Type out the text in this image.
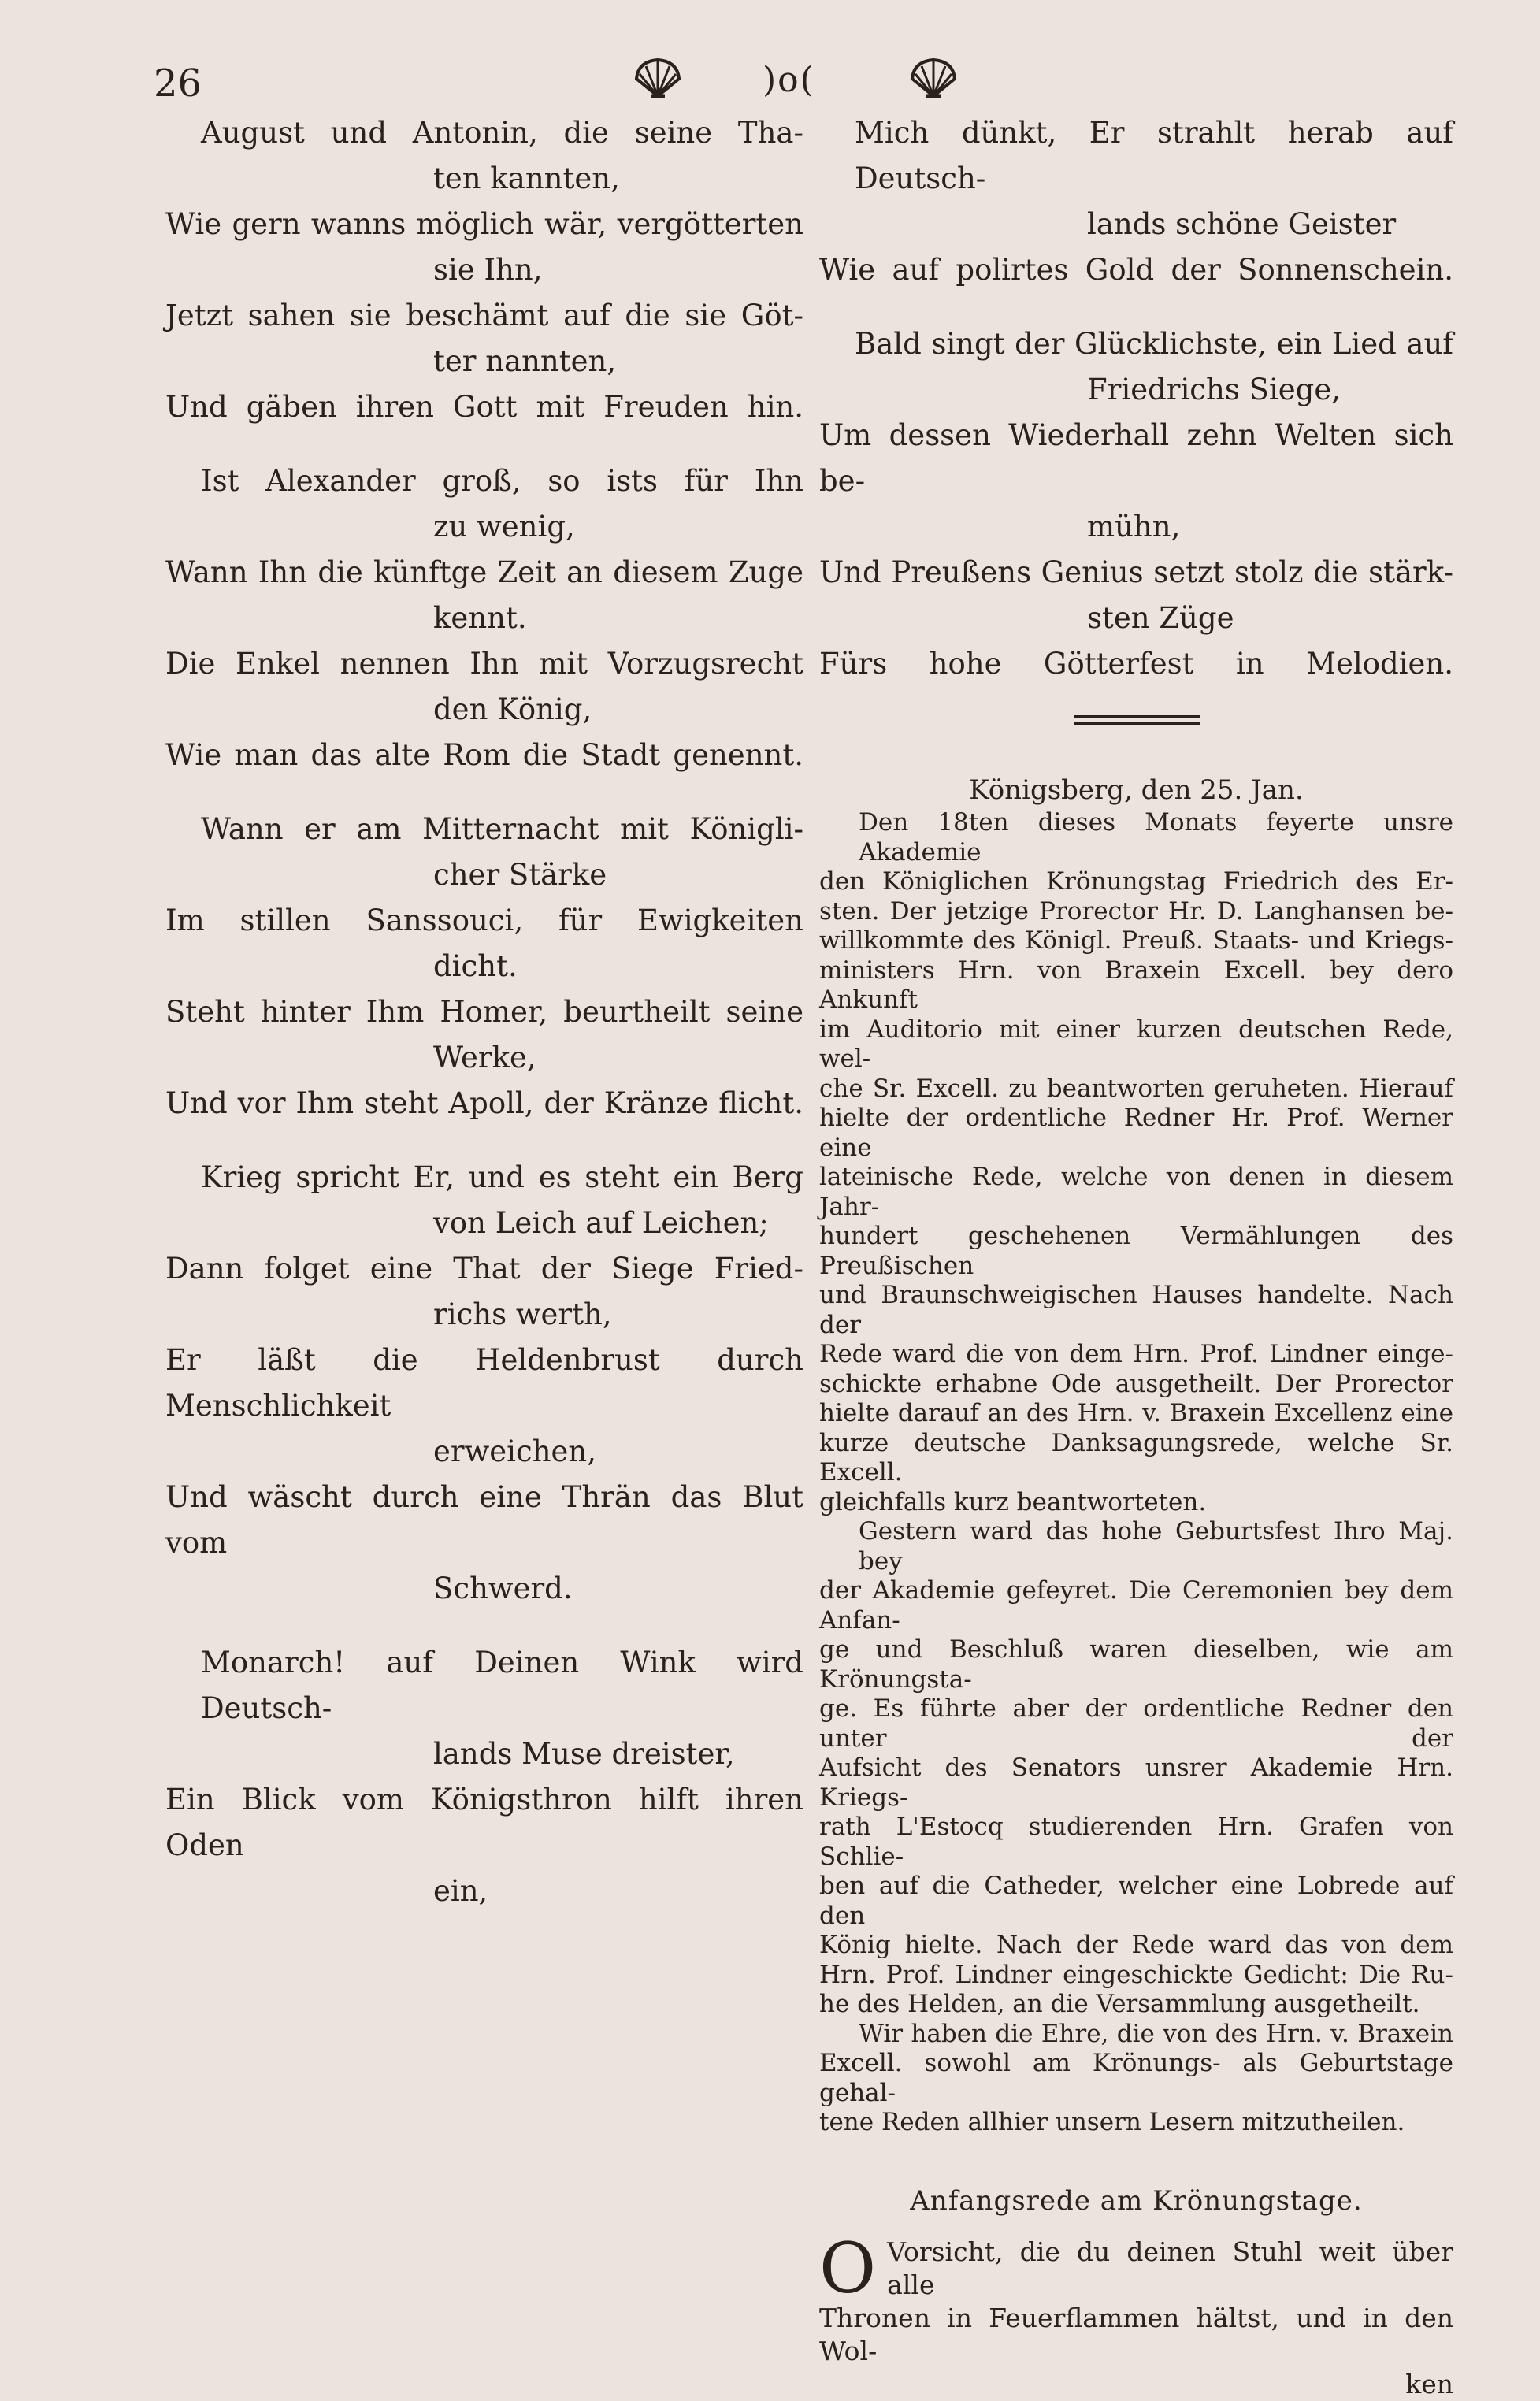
26	)o(
August und Antonin, die seine Tha-
ten kannten,
Wie gern wanns möglich wär, vergötterten
sie Ihn,
Jetzt sahen sie beschämt auf die sie Göt-
ter nannten,
Und gäben ihren Gott mit Freuden hin.
Ist Alexander groß, so ists für Ihn
zu wenig,
Wann Ihn die künftge Zeit an diesem Zuge
kennt.
Die Enkel nennen Ihn mit Vorzugsrecht
den König,
Wie man das alte Rom die Stadt genennt.
Wann er am Mitternacht mit Königli-
cher Stärke
Im stillen Sanssouci, für Ewigkeiten
dicht.
Steht hinter Ihm Homer, beurtheilt seine
Werke,
Und vor Ihm steht Apoll, der Kränze flicht.
Krieg spricht Er, und es steht ein Berg
von Leich auf Leichen;
Dann folget eine That der Siege Fried-
richs werth,
Er läßt die Heldenbrust durch Menschlichkeit
erweichen,
Und wäscht durch eine Thrän das Blut vom
Schwerd.
Monarch! auf Deinen Wink wird Deutsch-
lands Muse dreister,
Ein Blick vom Königsthron hilft ihren Oden
ein,
Mich dünkt, Er strahlt herab auf Deutsch-
lands schöne Geister
Wie auf polirtes Gold der Sonnenschein.
Bald singt der Glücklichste, ein Lied auf
Friedrichs Siege,
Um dessen Wiederhall zehn Welten sich be-
mühn,
Und Preußens Genius setzt stolz die stärk-
sten Züge
Fürs hohe Götterfest in Melodien.
Königsberg, den 25. Jan.
Den 18ten dieses Monats feyerte unsre Akademie
den Königlichen Krönungstag Friedrich des Er-
sten. Der jetzige Prorector Hr. D. Langhansen be-
willkommte des Königl. Preuß. Staats- und Kriegs-
ministers Hrn. von Braxein Excell. bey dero Ankunft
im Auditorio mit einer kurzen deutschen Rede, wel-
che Sr. Excell. zu beantworten geruheten. Hierauf
hielte der ordentliche Redner Hr. Prof. Werner eine
lateinische Rede, welche von denen in diesem Jahr-
hundert geschehenen Vermählungen des Preußischen
und Braunschweigischen Hauses handelte. Nach der
Rede ward die von dem Hrn. Prof. Lindner einge-
schickte erhabne Ode ausgetheilt. Der Prorector
hielte darauf an des Hrn. v. Braxein Excellenz eine
kurze deutsche Danksagungsrede, welche Sr. Excell.
gleichfalls kurz beantworteten.
Gestern ward das hohe Geburtsfest Ihro Maj. bey
der Akademie gefeyret. Die Ceremonien bey dem Anfan-
ge und Beschluß waren dieselben, wie am Krönungsta-
ge. Es führte aber der ordentliche Redner den unter der
Aufsicht des Senators unsrer Akademie Hrn. Kriegs-
rath L'Estocq studierenden Hrn. Grafen von Schlie-
ben auf die Catheder, welcher eine Lobrede auf den
König hielte. Nach der Rede ward das von dem
Hrn. Prof. Lindner eingeschickte Gedicht: Die Ru-
he des Helden, an die Versammlung ausgetheilt.
Wir haben die Ehre, die von des Hrn. v. Braxein
Excell. sowohl am Krönungs- als Geburtstage gehal-
tene Reden allhier unsern Lesern mitzutheilen.
Anfangsrede am Krönungstage.
O Vorsicht, die du deinen Stuhl weit über alle
Thronen in Feuerflammen hältst, und in den Wol-
ken
